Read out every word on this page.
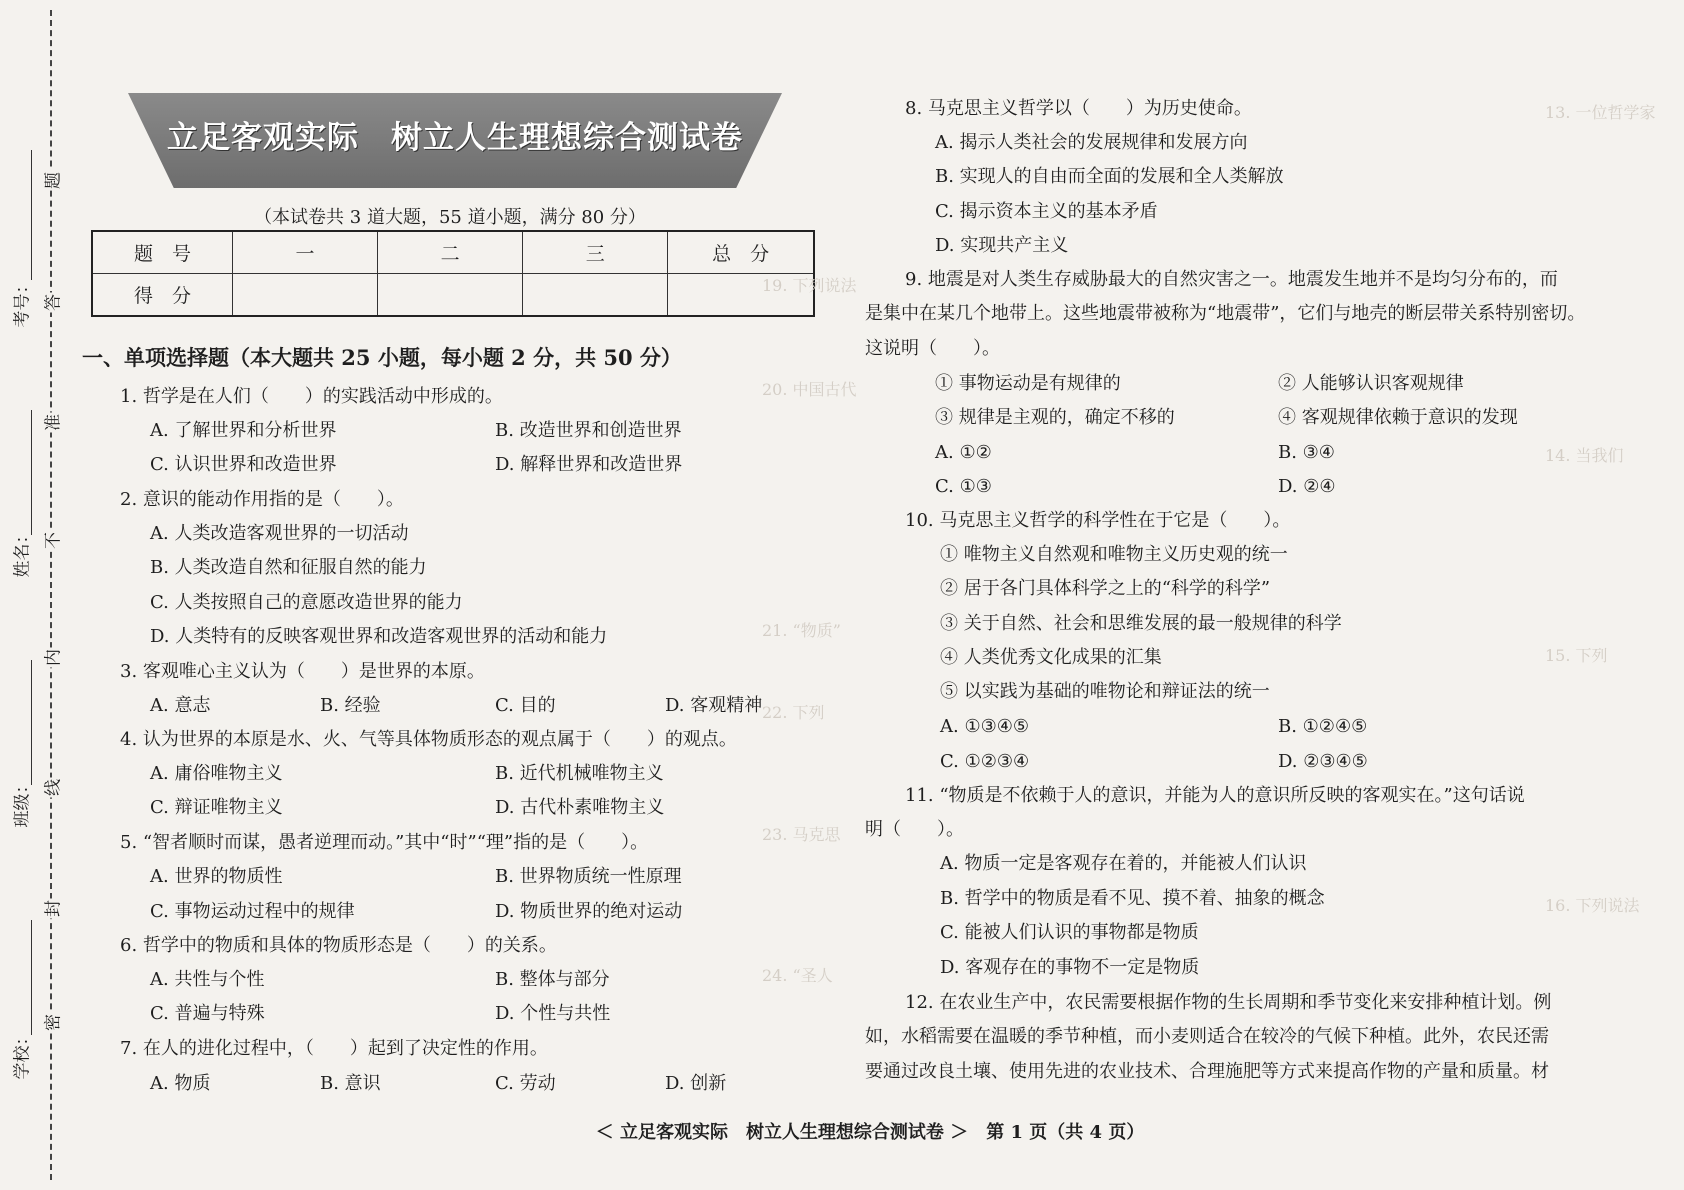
题
答
准
不
内
线
封
密
考号：
姓名：
班级：
学校：
立足客观实际　树立人生理想综合测试卷
（本试卷共 3 道大题，55 道小题，满分 80 分）
题　号	一	二	三	总　分
得　分				
一、单项选择题（本大题共 25 小题，每小题 2 分，共 50 分）
19. 下列说法
20. 中国古代
21. “物质”
22. 下列
23. 马克思
24. “圣人
13. 一位哲学家
14. 当我们
15. 下列
16. 下列说法
1. 哲学是在人们（　　）的实践活动中形成的。
A. 了解世界和分析世界	B. 改造世界和创造世界
C. 认识世界和改造世界	D. 解释世界和改造世界
2. 意识的能动作用指的是（　　）。
A. 人类改造客观世界的一切活动
B. 人类改造自然和征服自然的能力
C. 人类按照自己的意愿改造世界的能力
D. 人类特有的反映客观世界和改造客观世界的活动和能力
3. 客观唯心主义认为（　　）是世界的本原。
A. 意志	B. 经验	C. 目的	D. 客观精神
4. 认为世界的本原是水、火、气等具体物质形态的观点属于（　　）的观点。
A. 庸俗唯物主义	B. 近代机械唯物主义
C. 辩证唯物主义	D. 古代朴素唯物主义
5. “智者顺时而谋，愚者逆理而动。”其中“时”“理”指的是（　　）。
A. 世界的物质性	B. 世界物质统一性原理
C. 事物运动过程中的规律	D. 物质世界的绝对运动
6. 哲学中的物质和具体的物质形态是（　　）的关系。
A. 共性与个性	B. 整体与部分
C. 普遍与特殊	D. 个性与共性
7. 在人的进化过程中，（　　）起到了决定性的作用。
A. 物质	B. 意识	C. 劳动	D. 创新
8. 马克思主义哲学以（　　）为历史使命。
A. 揭示人类社会的发展规律和发展方向
B. 实现人的自由而全面的发展和全人类解放
C. 揭示资本主义的基本矛盾
D. 实现共产主义
9. 地震是对人类生存威胁最大的自然灾害之一。地震发生地并不是均匀分布的，而
是集中在某几个地带上。这些地震带被称为“地震带”，它们与地壳的断层带关系特别密切。
这说明（　　）。
① 事物运动是有规律的	② 人能够认识客观规律
③ 规律是主观的，确定不移的	④ 客观规律依赖于意识的发现
A. ①②	B. ③④
C. ①③	D. ②④
10. 马克思主义哲学的科学性在于它是（　　）。
① 唯物主义自然观和唯物主义历史观的统一
② 居于各门具体科学之上的“科学的科学”
③ 关于自然、社会和思维发展的最一般规律的科学
④ 人类优秀文化成果的汇集
⑤ 以实践为基础的唯物论和辩证法的统一
A. ①③④⑤	B. ①②④⑤
C. ①②③④	D. ②③④⑤
11. “物质是不依赖于人的意识，并能为人的意识所反映的客观实在。”这句话说
明（　　）。
A. 物质一定是客观存在着的，并能被人们认识
B. 哲学中的物质是看不见、摸不着、抽象的概念
C. 能被人们认识的事物都是物质
D. 客观存在的事物不一定是物质
12. 在农业生产中，农民需要根据作物的生长周期和季节变化来安排种植计划。例
如，水稻需要在温暖的季节种植，而小麦则适合在较冷的气候下种植。此外，农民还需
要通过改良土壤、使用先进的农业技术、合理施肥等方式来提高作物的产量和质量。材
＜ 立足客观实际　树立人生理想综合测试卷 ＞　第 1 页（共 4 页）
